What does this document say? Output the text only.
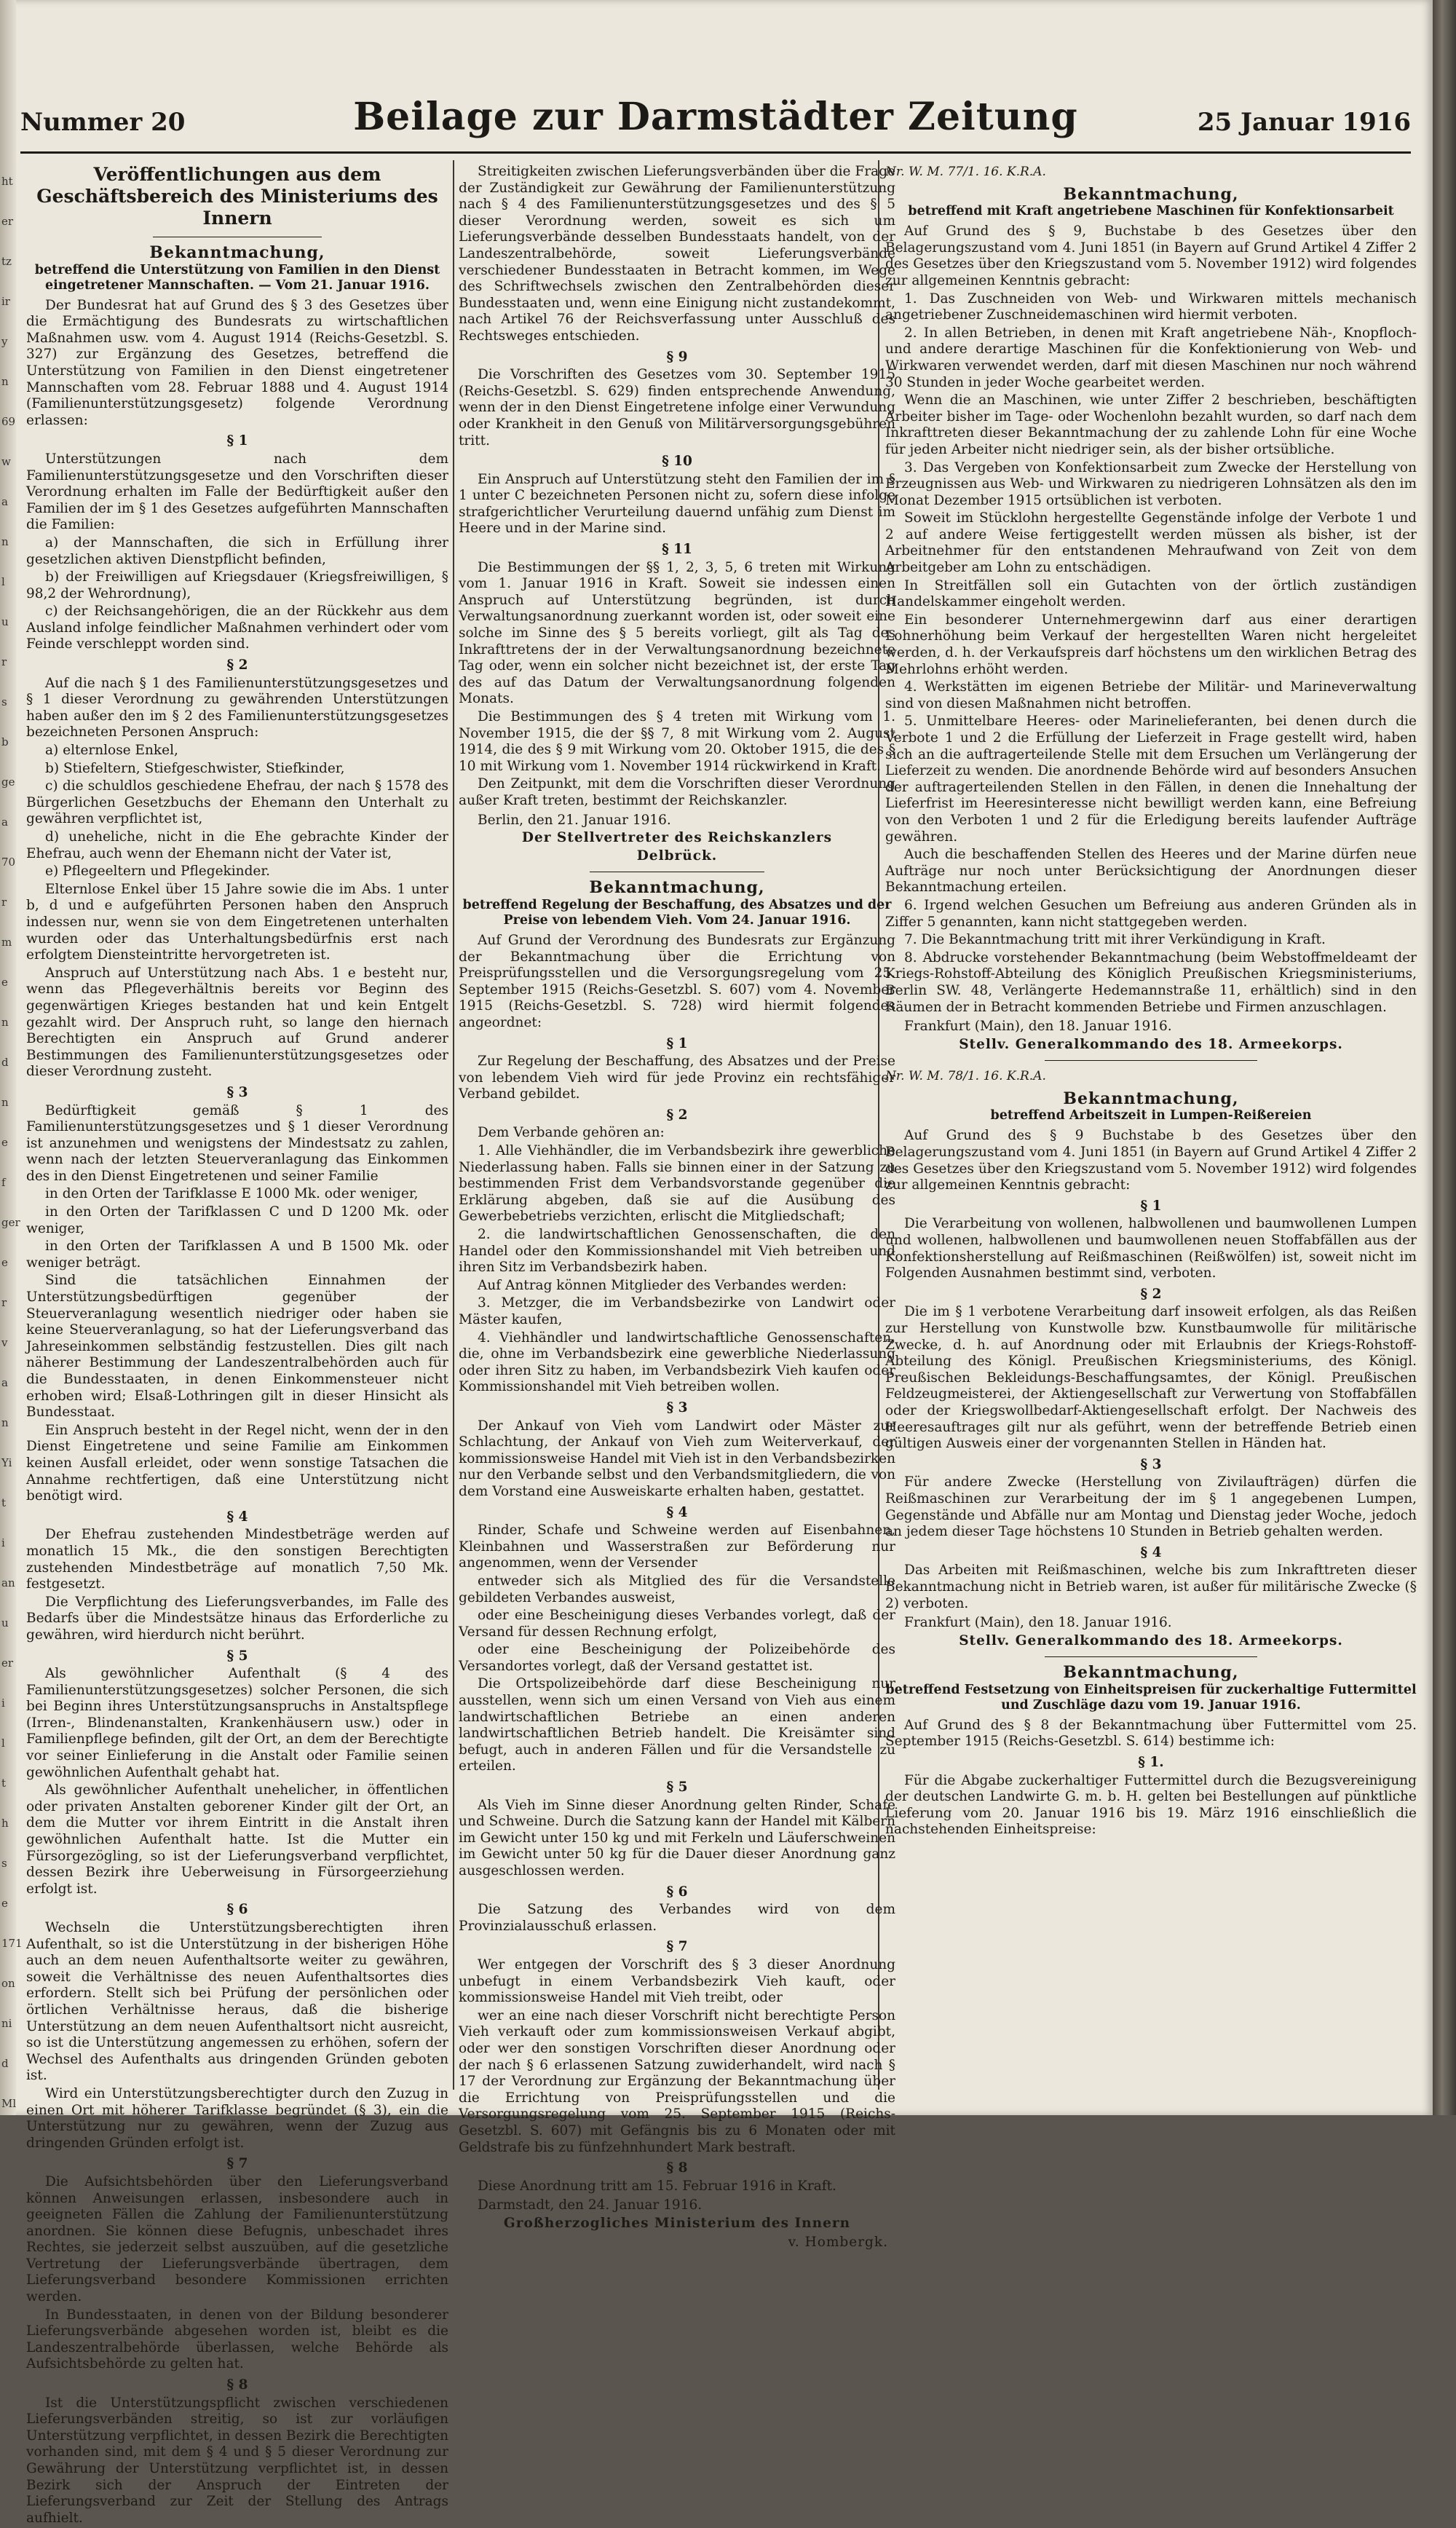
ht
er
tz
ir
y
n
69
w
a
n
l
u
r
s
b
ge
a
70
r
m
e
n
d
n
e
f
ger
e
r
v
a
n
Yi
t
i
an
u
er
i
l
t
h
s
e
171
on
ni
d
Ml
Nummer 20	Beilage zur Darmstädter Zeitung	25 Januar 1916
Veröffentlichungen aus dem Geschäftsbereich des Ministeriums des Innern
Bekanntmachung,
betreffend die Unterstützung von Familien in den Dienst eingetretener Mannschaften. — Vom 21. Januar 1916.

Der Bundesrat hat auf Grund des § 3 des Gesetzes über die Ermächtigung des Bundesrats zu wirtschaftlichen Maßnahmen usw. vom 4. August 1914 (Reichs-Gesetzbl. S. 327) zur Ergänzung des Gesetzes, betreffend die Unterstützung von Familien in den Dienst eingetretener Mannschaften vom 28. Februar 1888 und 4. August 1914 (Familienunterstützungsgesetz) folgende Verordnung erlassen:

§ 1

Unterstützungen nach dem Familienunterstützungsgesetze und den Vorschriften dieser Verordnung erhalten im Falle der Bedürftigkeit außer den Familien der im § 1 des Gesetzes aufgeführten Mannschaften die Familien:

a) der Mannschaften, die sich in Erfüllung ihrer gesetzlichen aktiven Dienstpflicht befinden,

b) der Freiwilligen auf Kriegsdauer (Kriegsfreiwilligen, § 98,2 der Wehrordnung),

c) der Reichsangehörigen, die an der Rückkehr aus dem Ausland infolge feindlicher Maßnahmen verhindert oder vom Feinde verschleppt worden sind.

§ 2

Auf die nach § 1 des Familienunterstützungsgesetzes und § 1 dieser Verordnung zu gewährenden Unterstützungen haben außer den im § 2 des Familienunterstützungsgesetzes bezeichneten Personen Anspruch:

a) elternlose Enkel,

b) Stiefeltern, Stiefgeschwister, Stiefkinder,

c) die schuldlos geschiedene Ehefrau, der nach § 1578 des Bürgerlichen Gesetzbuchs der Ehemann den Unterhalt zu gewähren verpflichtet ist,

d) uneheliche, nicht in die Ehe gebrachte Kinder der Ehefrau, auch wenn der Ehemann nicht der Vater ist,

e) Pflegeeltern und Pflegekinder.

Elternlose Enkel über 15 Jahre sowie die im Abs. 1 unter b, d und e aufgeführten Personen haben den Anspruch indessen nur, wenn sie von dem Eingetretenen unterhalten wurden oder das Unterhaltungsbedürfnis erst nach erfolgtem Diensteintritte hervorgetreten ist.

Anspruch auf Unterstützung nach Abs. 1 e besteht nur, wenn das Pflegeverhältnis bereits vor Beginn des gegenwärtigen Krieges bestanden hat und kein Entgelt gezahlt wird. Der Anspruch ruht, so lange den hiernach Berechtigten ein Anspruch auf Grund anderer Bestimmungen des Familienunterstützungsgesetzes oder dieser Verordnung zusteht.

§ 3

Bedürftigkeit gemäß § 1 des Familienunterstützungsgesetzes und § 1 dieser Verordnung ist anzunehmen und wenigstens der Mindestsatz zu zahlen, wenn nach der letzten Steuerveranlagung das Einkommen des in den Dienst Eingetretenen und seiner Familie

in den Orten der Tarifklasse E 1000 Mk. oder weniger,

in den Orten der Tarifklassen C und D 1200 Mk. oder weniger,

in den Orten der Tarifklassen A und B 1500 Mk. oder weniger beträgt.

Sind die tatsächlichen Einnahmen der Unterstützungsbedürftigen gegenüber der Steuerveranlagung wesentlich niedriger oder haben sie keine Steuerveranlagung, so hat der Lieferungsverband das Jahreseinkommen selbständig festzustellen. Dies gilt nach näherer Bestimmung der Landeszentralbehörden auch für die Bundesstaaten, in denen Einkommensteuer nicht erhoben wird; Elsaß-Lothringen gilt in dieser Hinsicht als Bundesstaat.

Ein Anspruch besteht in der Regel nicht, wenn der in den Dienst Eingetretene und seine Familie am Einkommen keinen Ausfall erleidet, oder wenn sonstige Tatsachen die Annahme rechtfertigen, daß eine Unterstützung nicht benötigt wird.

§ 4

Der Ehefrau zustehenden Mindestbeträge werden auf monatlich 15 Mk., die den sonstigen Berechtigten zustehenden Mindestbeträge auf monatlich 7,50 Mk. festgesetzt.

Die Verpflichtung des Lieferungsverbandes, im Falle des Bedarfs über die Mindestsätze hinaus das Erforderliche zu gewähren, wird hierdurch nicht berührt.

§ 5

Als gewöhnlicher Aufenthalt (§ 4 des Familienunterstützungsgesetzes) solcher Personen, die sich bei Beginn ihres Unterstützungsanspruchs in Anstaltspflege (Irren-, Blindenanstalten, Krankenhäusern usw.) oder in Familienpflege befinden, gilt der Ort, an dem der Berechtigte vor seiner Einlieferung in die Anstalt oder Familie seinen gewöhnlichen Aufenthalt gehabt hat.

Als gewöhnlicher Aufenthalt unehelicher, in öffentlichen oder privaten Anstalten geborener Kinder gilt der Ort, an dem die Mutter vor ihrem Eintritt in die Anstalt ihren gewöhnlichen Aufenthalt hatte. Ist die Mutter ein Fürsorgezögling, so ist der Lieferungsverband verpflichtet, dessen Bezirk ihre Ueberweisung in Fürsorgeerziehung erfolgt ist.

§ 6

Wechseln die Unterstützungsberechtigten ihren Aufenthalt, so ist die Unterstützung in der bisherigen Höhe auch an dem neuen Aufenthaltsorte weiter zu gewähren, soweit die Verhältnisse des neuen Aufenthaltsortes dies erfordern. Stellt sich bei Prüfung der persönlichen oder örtlichen Verhältnisse heraus, daß die bisherige Unterstützung an dem neuen Aufenthaltsort nicht ausreicht, so ist die Unterstützung angemessen zu erhöhen, sofern der Wechsel des Aufenthalts aus dringenden Gründen geboten ist.

Wird ein Unterstützungsberechtigter durch den Zuzug in einen Ort mit höherer Tarifklasse begründet (§ 3), ein die Unterstützung nur zu gewähren, wenn der Zuzug aus dringenden Gründen erfolgt ist.

§ 7

Die Aufsichtsbehörden über den Lieferungsverband können Anweisungen erlassen, insbesondere auch in geeigneten Fällen die Zahlung der Familienunterstützung anordnen. Sie können diese Befugnis, unbeschadet ihres Rechtes, sie jederzeit selbst auszuüben, auf die gesetzliche Vertretung der Lieferungsverbände übertragen, dem Lieferungsverband besondere Kommissionen errichten werden.

In Bundesstaaten, in denen von der Bildung besonderer Lieferungsverbände abgesehen worden ist, bleibt es die Landeszentralbehörde überlassen, welche Behörde als Aufsichtsbehörde zu gelten hat.

§ 8

Ist die Unterstützungspflicht zwischen verschiedenen Lieferungsverbänden streitig, so ist zur vorläufigen Unterstützung verpflichtet, in dessen Bezirk die Berechtigten vorhanden sind, mit dem § 4 und § 5 dieser Verordnung zur Gewährung der Unterstützung verpflichtet ist, in dessen Bezirk sich der Anspruch der Eintreten der Lieferungsverband zur Zeit der Stellung des Antrags aufhielt.

Streitigkeiten zwischen Lieferungsverbänden über die Frage der Zuständigkeit zur Gewährung der Familienunterstützung nach § 4 des Familienunterstützungsgesetzes und des § 5 dieser Verordnung werden, soweit es sich um Lieferungsverbände desselben Bundesstaats handelt, von der Landeszentralbehörde, soweit Lieferungsverbände verschiedener Bundesstaaten in Betracht kommen, im Wege des Schriftwechsels zwischen den Zentralbehörden dieser Bundesstaaten und, wenn eine Einigung nicht zustandekommt, nach Artikel 76 der Reichsverfassung unter Ausschluß des Rechtsweges entschieden.

§ 9

Die Vorschriften des Gesetzes vom 30. September 1915 (Reichs-Gesetzbl. S. 629) finden entsprechende Anwendung, wenn der in den Dienst Eingetretene infolge einer Verwundung oder Krankheit in den Genuß von Militärversorgungsgebühren tritt.

§ 10

Ein Anspruch auf Unterstützung steht den Familien der im § 1 unter C bezeichneten Personen nicht zu, sofern diese infolge strafgerichtlicher Verurteilung dauernd unfähig zum Dienst im Heere und in der Marine sind.

§ 11

Die Bestimmungen der §§ 1, 2, 3, 5, 6 treten mit Wirkung vom 1. Januar 1916 in Kraft. Soweit sie indessen einen Anspruch auf Unterstützung begründen, ist durch Verwaltungsanordnung zuerkannt worden ist, oder soweit eine solche im Sinne des § 5 bereits vorliegt, gilt als Tag des Inkrafttretens der in der Verwaltungsanordnung bezeichnete Tag oder, wenn ein solcher nicht bezeichnet ist, der erste Tag des auf das Datum der Verwaltungsanordnung folgenden Monats.

Die Bestimmungen des § 4 treten mit Wirkung vom 1. November 1915, die der §§ 7, 8 mit Wirkung vom 2. August 1914, die des § 9 mit Wirkung vom 20. Oktober 1915, die des § 10 mit Wirkung vom 1. November 1914 rückwirkend in Kraft.

Den Zeitpunkt, mit dem die Vorschriften dieser Verordnung außer Kraft treten, bestimmt der Reichskanzler.

Berlin, den 21. Januar 1916.

Der Stellvertreter des Reichskanzlers
Delbrück.
Bekanntmachung,
betreffend Regelung der Beschaffung, des Absatzes und der Preise von lebendem Vieh. Vom 24. Januar 1916.

Auf Grund der Verordnung des Bundesrats zur Ergänzung der Bekanntmachung über die Errichtung von Preisprüfungsstellen und die Versorgungsregelung vom 25. September 1915 (Reichs-Gesetzbl. S. 607) vom 4. November 1915 (Reichs-Gesetzbl. S. 728) wird hiermit folgendes angeordnet:

§ 1

Zur Regelung der Beschaffung, des Absatzes und der Preise von lebendem Vieh wird für jede Provinz ein rechtsfähiger Verband gebildet.

§ 2

Dem Verbande gehören an:

1. Alle Viehhändler, die im Verbandsbezirk ihre gewerbliche Niederlassung haben. Falls sie binnen einer in der Satzung zu bestimmenden Frist dem Verbandsvorstande gegenüber die Erklärung abgeben, daß sie auf die Ausübung des Gewerbebetriebs verzichten, erlischt die Mitgliedschaft;

2. die landwirtschaftlichen Genossenschaften, die den Handel oder den Kommissionshandel mit Vieh betreiben und ihren Sitz im Verbandsbezirk haben.

Auf Antrag können Mitglieder des Verbandes werden:

3. Metzger, die im Verbandsbezirke von Landwirt oder Mäster kaufen,

4. Viehhändler und landwirtschaftliche Genossenschaften, die, ohne im Verbandsbezirk eine gewerbliche Niederlassung oder ihren Sitz zu haben, im Verbandsbezirk Vieh kaufen oder Kommissionshandel mit Vieh betreiben wollen.

§ 3

Der Ankauf von Vieh vom Landwirt oder Mäster zur Schlachtung, der Ankauf von Vieh zum Weiterverkauf, der kommissionsweise Handel mit Vieh ist in den Verbandsbezirken nur den Verbande selbst und den Verbandsmitgliedern, die von dem Vorstand eine Ausweiskarte erhalten haben, gestattet.

§ 4

Rinder, Schafe und Schweine werden auf Eisenbahnen, Kleinbahnen und Wasserstraßen zur Beförderung nur angenommen, wenn der Versender

entweder sich als Mitglied des für die Versandstelle gebildeten Verbandes ausweist,

oder eine Bescheinigung dieses Verbandes vorlegt, daß der Versand für dessen Rechnung erfolgt,

oder eine Bescheinigung der Polizeibehörde des Versandortes vorlegt, daß der Versand gestattet ist.

Die Ortspolizeibehörde darf diese Bescheinigung nur ausstellen, wenn sich um einen Versand von Vieh aus einem landwirtschaftlichen Betriebe an einen anderen landwirtschaftlichen Betrieb handelt. Die Kreisämter sind befugt, auch in anderen Fällen und für die Versandstelle zu erteilen.

§ 5

Als Vieh im Sinne dieser Anordnung gelten Rinder, Schafe und Schweine. Durch die Satzung kann der Handel mit Kälbern im Gewicht unter 150 kg und mit Ferkeln und Läuferschweinen im Gewicht unter 50 kg für die Dauer dieser Anordnung ganz ausgeschlossen werden.

§ 6

Die Satzung des Verbandes wird von dem Provinzialausschuß erlassen.

§ 7

Wer entgegen der Vorschrift des § 3 dieser Anordnung unbefugt in einem Verbandsbezirk Vieh kauft, oder kommissionsweise Handel mit Vieh treibt, oder

wer an eine nach dieser Vorschrift nicht berechtigte Person Vieh verkauft oder zum kommissionsweisen Verkauf abgibt, oder wer den sonstigen Vorschriften dieser Anordnung oder der nach § 6 erlassenen Satzung zuwiderhandelt, wird nach § 17 der Verordnung zur Ergänzung der Bekanntmachung über die Errichtung von Preisprüfungsstellen und die Versorgungsregelung vom 25. September 1915 (Reichs-Gesetzbl. S. 607) mit Gefängnis bis zu 6 Monaten oder mit Geldstrafe bis zu fünfzehnhundert Mark bestraft.

§ 8

Diese Anordnung tritt am 15. Februar 1916 in Kraft.

Darmstadt, den 24. Januar 1916.

Großherzogliches Ministerium des Innern
v. Hombergk.
Nr. W. M. 77/1. 16. K.R.A.
Bekanntmachung,
betreffend mit Kraft angetriebene Maschinen für Konfektionsarbeit

Auf Grund des § 9, Buchstabe b des Gesetzes über den Belagerungszustand vom 4. Juni 1851 (in Bayern auf Grund Artikel 4 Ziffer 2 des Gesetzes über den Kriegszustand vom 5. November 1912) wird folgendes zur allgemeinen Kenntnis gebracht:

1. Das Zuschneiden von Web- und Wirkwaren mittels mechanisch angetriebener Zuschneidemaschinen wird hiermit verboten.

2. In allen Betrieben, in denen mit Kraft angetriebene Näh-, Knopfloch- und andere derartige Maschinen für die Konfektionierung von Web- und Wirkwaren verwendet werden, darf mit diesen Maschinen nur noch während 30 Stunden in jeder Woche gearbeitet werden.

Wenn die an Maschinen, wie unter Ziffer 2 beschrieben, beschäftigten Arbeiter bisher im Tage- oder Wochenlohn bezahlt wurden, so darf nach dem Inkrafttreten dieser Bekanntmachung der zu zahlende Lohn für eine Woche für jeden Arbeiter nicht niedriger sein, als der bisher ortsübliche.

3. Das Vergeben von Konfektionsarbeit zum Zwecke der Herstellung von Erzeugnissen aus Web- und Wirkwaren zu niedrigeren Lohnsätzen als den im Monat Dezember 1915 ortsüblichen ist verboten.

Soweit im Stücklohn hergestellte Gegenstände infolge der Verbote 1 und 2 auf andere Weise fertiggestellt werden müssen als bisher, ist der Arbeitnehmer für den entstandenen Mehraufwand von Zeit von dem Arbeitgeber am Lohn zu entschädigen.

In Streitfällen soll ein Gutachten von der örtlich zuständigen Handelskammer eingeholt werden.

Ein besonderer Unternehmergewinn darf aus einer derartigen Lohnerhöhung beim Verkauf der hergestellten Waren nicht hergeleitet werden, d. h. der Verkaufspreis darf höchstens um den wirklichen Betrag des Mehrlohns erhöht werden.

4. Werkstätten im eigenen Betriebe der Militär- und Marineverwaltung sind von diesen Maßnahmen nicht betroffen.

5. Unmittelbare Heeres- oder Marinelieferanten, bei denen durch die Verbote 1 und 2 die Erfüllung der Lieferzeit in Frage gestellt wird, haben sich an die auftragerteilende Stelle mit dem Ersuchen um Verlängerung der Lieferzeit zu wenden. Die anordnende Behörde wird auf besonders Ansuchen der auftragerteilenden Stellen in den Fällen, in denen die Innehaltung der Lieferfrist im Heeresinteresse nicht bewilligt werden kann, eine Befreiung von den Verboten 1 und 2 für die Erledigung bereits laufender Aufträge gewähren.

Auch die beschaffenden Stellen des Heeres und der Marine dürfen neue Aufträge nur noch unter Berücksichtigung der Anordnungen dieser Bekanntmachung erteilen.

6. Irgend welchen Gesuchen um Befreiung aus anderen Gründen als in Ziffer 5 genannten, kann nicht stattgegeben werden.

7. Die Bekanntmachung tritt mit ihrer Verkündigung in Kraft.

8. Abdrucke vorstehender Bekanntmachung (beim Webstoffmeldeamt der Kriegs-Rohstoff-Abteilung des Königlich Preußischen Kriegsministeriums, Berlin SW. 48, Verlängerte Hedemannstraße 11, erhältlich) sind in den Räumen der in Betracht kommenden Betriebe und Firmen anzuschlagen.

Frankfurt (Main), den 18. Januar 1916.

Stellv. Generalkommando des 18. Armeekorps.
Nr. W. M. 78/1. 16. K.R.A.
Bekanntmachung,
betreffend Arbeitszeit in Lumpen-Reißereien

Auf Grund des § 9 Buchstabe b des Gesetzes über den Belagerungszustand vom 4. Juni 1851 (in Bayern auf Grund Artikel 4 Ziffer 2 des Gesetzes über den Kriegszustand vom 5. November 1912) wird folgendes zur allgemeinen Kenntnis gebracht:

§ 1

Die Verarbeitung von wollenen, halbwollenen und baumwollenen Lumpen und wollenen, halbwollenen und baumwollenen neuen Stoffabfällen aus der Konfektionsherstellung auf Reißmaschinen (Reißwölfen) ist, soweit nicht im Folgenden Ausnahmen bestimmt sind, verboten.

§ 2

Die im § 1 verbotene Verarbeitung darf insoweit erfolgen, als das Reißen zur Herstellung von Kunstwolle bzw. Kunstbaumwolle für militärische Zwecke, d. h. auf Anordnung oder mit Erlaubnis der Kriegs-Rohstoff-Abteilung des Königl. Preußischen Kriegsministeriums, des Königl. Preußischen Bekleidungs-Beschaffungsamtes, der Königl. Preußischen Feldzeugmeisterei, der Aktiengesellschaft zur Verwertung von Stoffabfällen oder der Kriegswollbedarf-Aktiengesellschaft erfolgt. Der Nachweis des Heeresauftrages gilt nur als geführt, wenn der betreffende Betrieb einen gültigen Ausweis einer der vorgenannten Stellen in Händen hat.

§ 3

Für andere Zwecke (Herstellung von Zivilaufträgen) dürfen die Reißmaschinen zur Verarbeitung der im § 1 angegebenen Lumpen, Gegenstände und Abfälle nur am Montag und Dienstag jeder Woche, jedoch an jedem dieser Tage höchstens 10 Stunden in Betrieb gehalten werden.

§ 4

Das Arbeiten mit Reißmaschinen, welche bis zum Inkrafttreten dieser Bekanntmachung nicht in Betrieb waren, ist außer für militärische Zwecke (§ 2) verboten.

Frankfurt (Main), den 18. Januar 1916.

Stellv. Generalkommando des 18. Armeekorps.
Bekanntmachung,
betreffend Festsetzung von Einheitspreisen für zuckerhaltige Futtermittel und Zuschläge dazu vom 19. Januar 1916.

Auf Grund des § 8 der Bekanntmachung über Futtermittel vom 25. September 1915 (Reichs-Gesetzbl. S. 614) bestimme ich:

§ 1.

Für die Abgabe zuckerhaltiger Futtermittel durch die Bezugsvereinigung der deutschen Landwirte G. m. b. H. gelten bei Bestellungen auf pünktliche Lieferung vom 20. Januar 1916 bis 19. März 1916 einschließlich die nachstehenden Einheitspreise:
